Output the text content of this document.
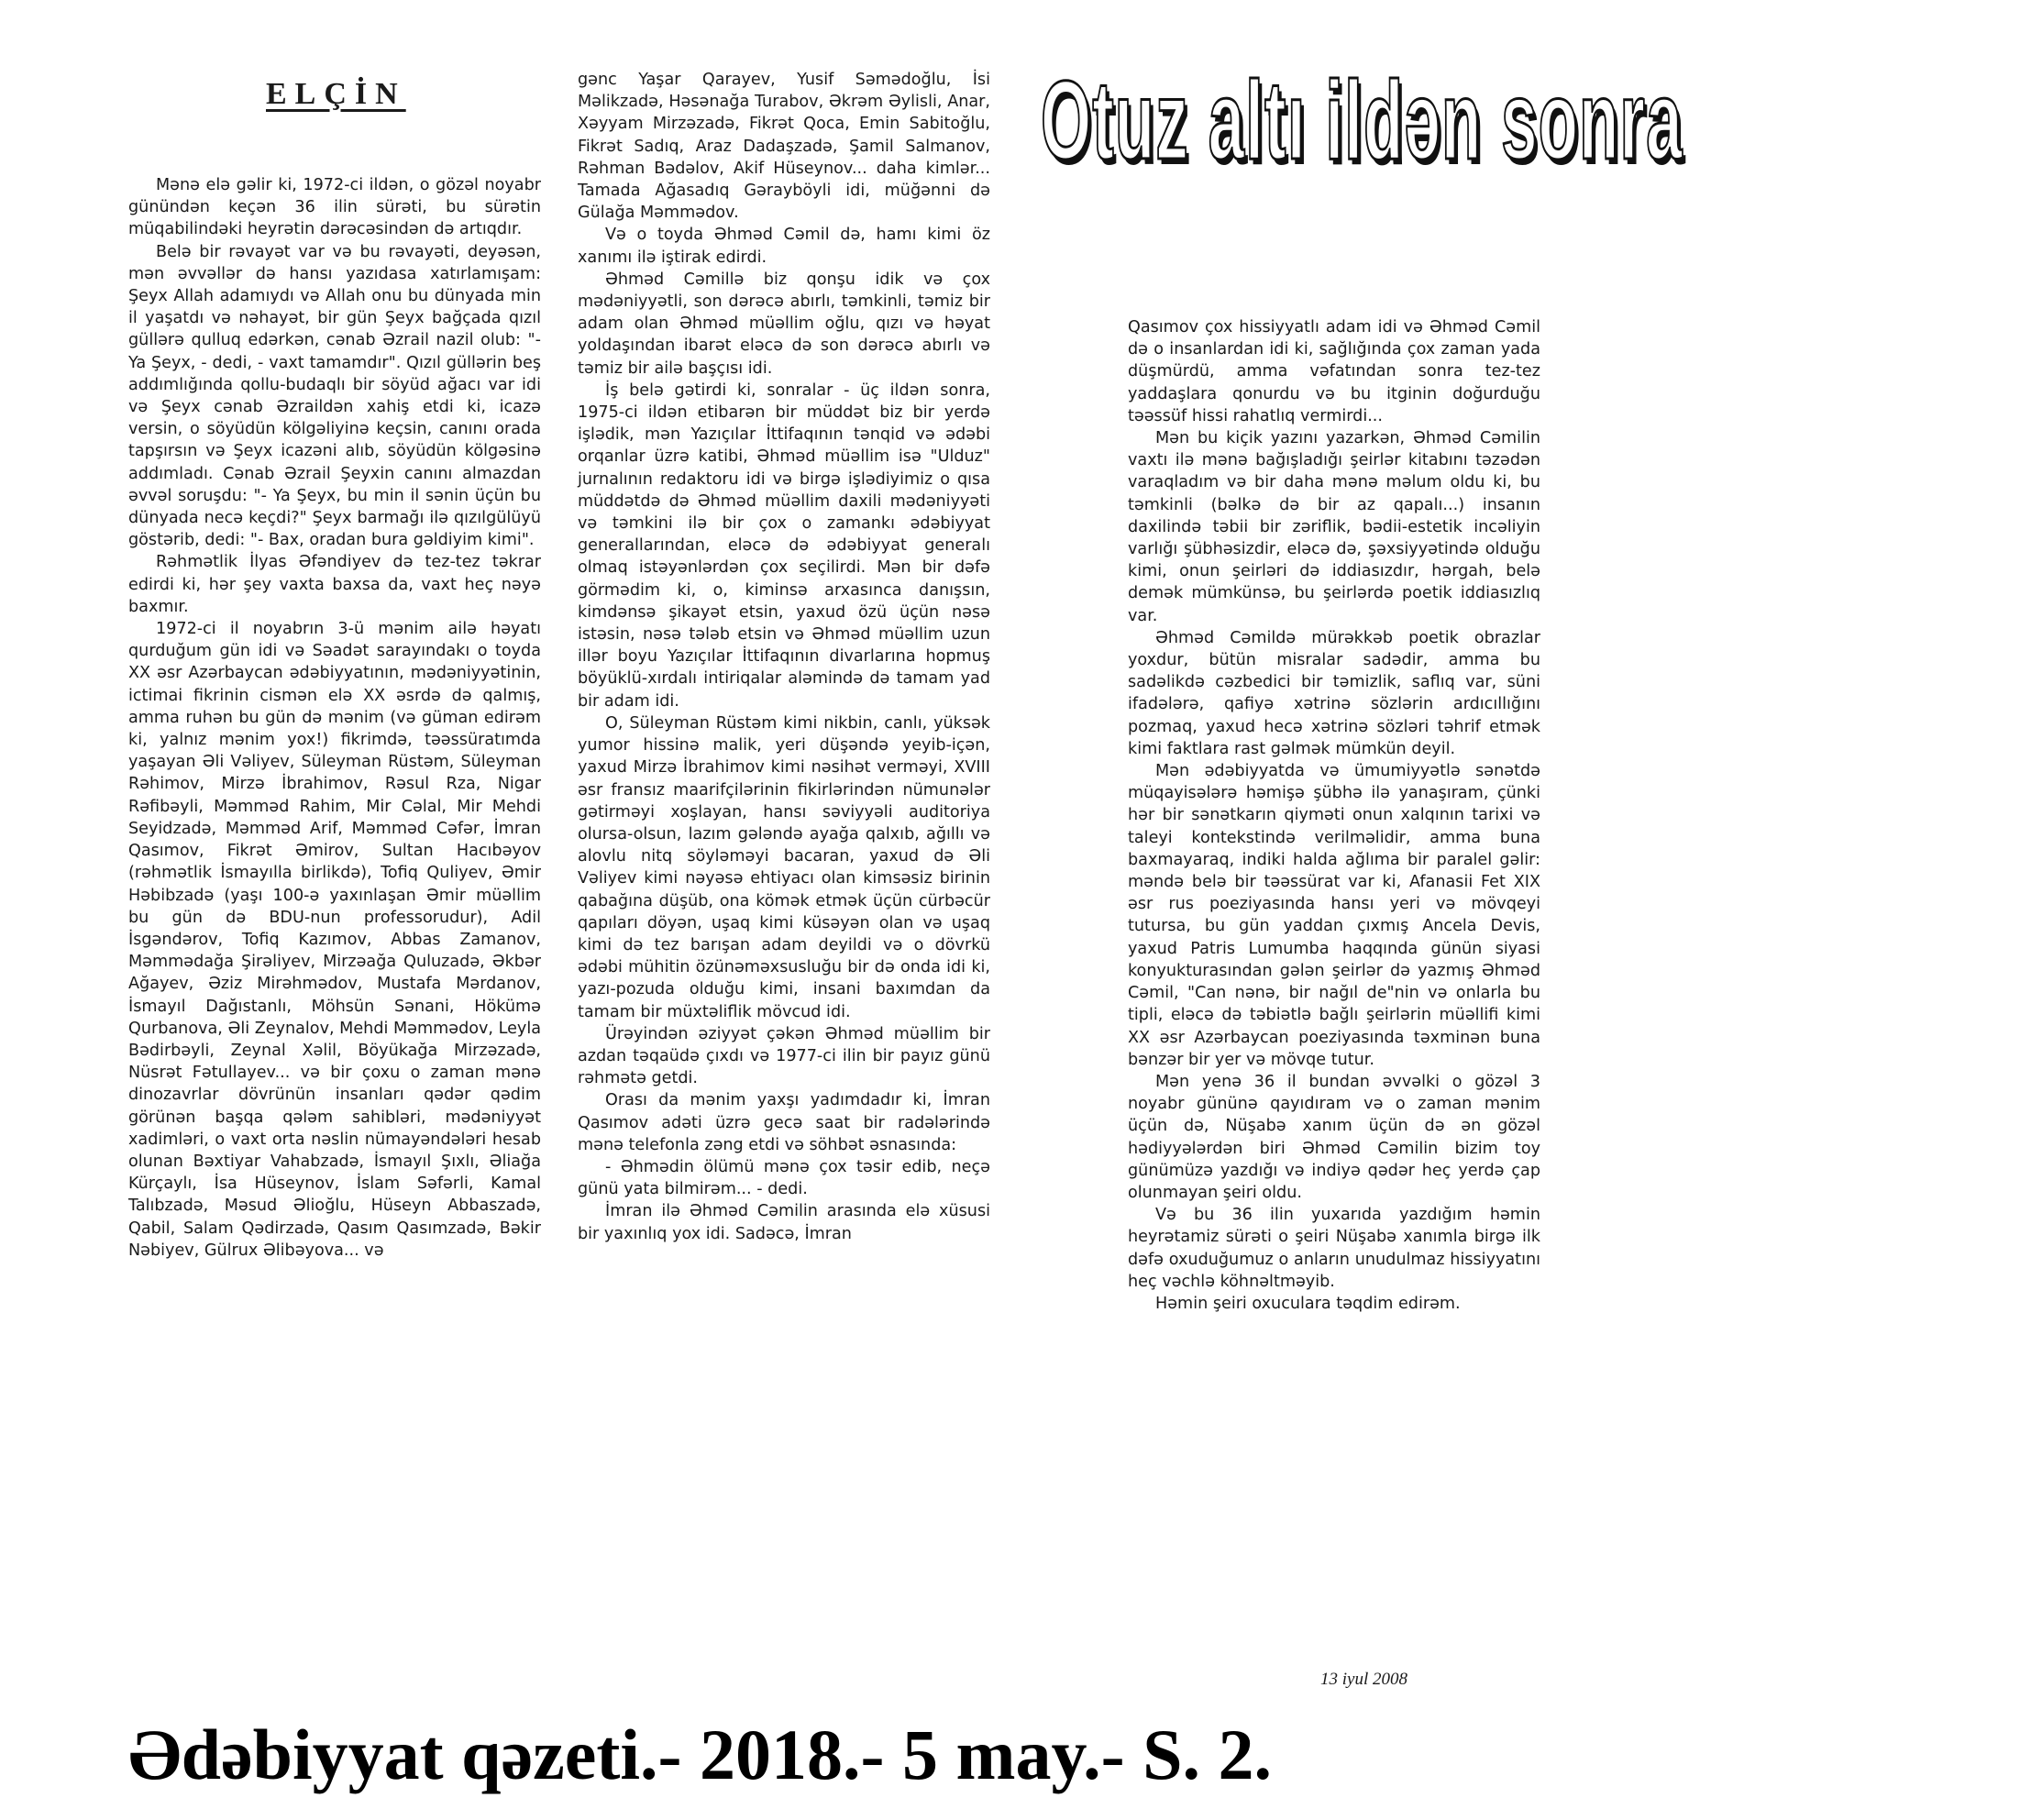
ELÇİN	Otuz altı ildən sonra

Mənə elə gəlir ki, 1972-ci ildən, o gözəl noyabr günündən keçən 36 ilin sürəti, bu sürətin müqabilindəki heyrətin dərəcəsindən də artıqdır.

Belə bir rəvayət var və bu rəvayəti, deyəsən, mən əvvəllər də hansı yazıdasa xatırlamışam: Şeyx Allah adamıydı və Allah onu bu dünyada min il yaşatdı və nəhayət, bir gün Şeyx bağçada qızıl güllərə qulluq edərkən, cənab Əzrail nazil olub: "- Ya Şeyx, - dedi, - vaxt tamamdır". Qızıl güllərin beş addımlığında qollu-budaqlı bir söyüd ağacı var idi və Şeyx cənab Əzraildən xahiş etdi ki, icazə versin, o söyüdün kölgəliyinə keçsin, canını orada tapşırsın və Şeyx icazəni alıb, söyüdün kölgəsinə addımladı. Cənab Əzrail Şeyxin canını almazdan əvvəl soruşdu: "- Ya Şeyx, bu min il sənin üçün bu dünyada necə keçdi?" Şeyx barmağı ilə qızılgülüyü göstərib, dedi: "- Bax, oradan bura gəldiyim kimi".

Rəhmətlik İlyas Əfəndiyev də tez-tez təkrar edirdi ki, hər şey vaxta baxsa da, vaxt heç nəyə baxmır.

1972-ci il noyabrın 3-ü mənim ailə həyatı qurduğum gün idi və Səadət sarayındakı o toyda XX əsr Azərbaycan ədəbiyyatının, mədəniyyətinin, ictimai fikrinin cismən elə XX əsrdə də qalmış, amma ruhən bu gün də mənim (və güman edirəm ki, yalnız mənim yox!) fikrimdə, təəssüratımda yaşayan Əli Vəliyev, Süleyman Rüstəm, Süleyman Rəhimov, Mirzə İbrahimov, Rəsul Rza, Nigar Rəfibəyli, Məmməd Rahim, Mir Cəlal, Mir Mehdi Seyidzadə, Məmməd Arif, Məmməd Cəfər, İmran Qasımov, Fikrət Əmirov, Sultan Hacıbəyov (rəhmətlik İsmayılla birlikdə), Tofiq Quliyev, Əmir Həbibzadə (yaşı 100-ə yaxınlaşan Əmir müəllim bu gün də BDU-nun professorudur), Adil İsgəndərov, Tofiq Kazımov, Abbas Zamanov, Məmmədağa Şirəliyev, Mirzəağa Quluzadə, Əkbər Ağayev, Əziz Mirəhmədov, Mustafa Mərdanov, İsmayıl Dağıstanlı, Möhsün Sənani, Hökümə Qurbanova, Əli Zeynalov, Mehdi Məmmədov, Leyla Bədirbəyli, Zeynal Xəlil, Böyükağa Mirzəzadə, Nüsrət Fətullayev... və bir çoxu o zaman mənə dinozavrlar dövrünün insanları qədər qədim görünən başqa qələm sahibləri, mədəniyyət xadimləri, o vaxt orta nəslin nümayəndələri hesab olunan Bəxtiyar Vahabzadə, İsmayıl Şıxlı, Əliağa Kürçaylı, İsa Hüseynov, İslam Səfərli, Kamal Talıbzadə, Məsud Əlioğlu, Hüseyn Abbaszadə, Qabil, Salam Qədirzadə, Qasım Qasımzadə, Bəkir Nəbiyev, Gülrux Əlibəyova... və

gənc Yaşar Qarayev, Yusif Səmədoğlu, İsi Məlikzadə, Həsənağa Turabov, Əkrəm Əylisli, Anar, Xəyyam Mirzəzadə, Fikrət Qoca, Emin Sabitoğlu, Fikrət Sadıq, Araz Dadaşzadə, Şamil Salmanov, Rəhman Bədəlov, Akif Hüseynov... daha kimlər... Tamada Ağasadıq Gərayböyli idi, müğənni də Gülağa Məmmədov.

Və o toyda Əhməd Cəmil də, hamı kimi öz xanımı ilə iştirak edirdi.

Əhməd Cəmillə biz qonşu idik və çox mədəniyyətli, son dərəcə abırlı, təmkinli, təmiz bir adam olan Əhməd müəllim oğlu, qızı və həyat yoldaşından ibarət eləcə də son dərəcə abırlı və təmiz bir ailə başçısı idi.

İş belə gətirdi ki, sonralar - üç ildən sonra, 1975-ci ildən etibarən bir müddət biz bir yerdə işlədik, mən Yazıçılar İttifaqının tənqid və ədəbi orqanlar üzrə katibi, Əhməd müəllim isə "Ulduz" jurnalının redaktoru idi və birgə işlədiyimiz o qısa müddətdə də Əhməd müəllim daxili mədəniyyəti və təmkini ilə bir çox o zamankı ədəbiyyat generallarından, eləcə də ədəbiyyat generalı olmaq istəyənlərdən çox seçilirdi. Mən bir dəfə görmədim ki, o, kiminsə arxasınca danışsın, kimdənsə şikayət etsin, yaxud özü üçün nəsə istəsin, nəsə tələb etsin və Əhməd müəllim uzun illər boyu Yazıçılar İttifaqının divarlarına hopmuş böyüklü-xırdalı intiriqalar aləmində də tamam yad bir adam idi.

O, Süleyman Rüstəm kimi nikbin, canlı, yüksək yumor hissinə malik, yeri düşəndə yeyib-içən, yaxud Mirzə İbrahimov kimi nəsihət verməyi, XVIII əsr fransız maarifçilərinin fikirlərindən nümunələr gətirməyi xoşlayan, hansı səviyyəli auditoriya olursa-olsun, lazım gələndə ayağa qalxıb, ağıllı və alovlu nitq söyləməyi bacaran, yaxud də Əli Vəliyev kimi nəyəsə ehtiyacı olan kimsəsiz birinin qabağına düşüb, ona kömək etmək üçün cürbəcür qapıları döyən, uşaq kimi küsəyən olan və uşaq kimi də tez barışan adam deyildi və o dövrkü ədəbi mühitin özünəməxsusluğu bir də onda idi ki, yazı-pozuda olduğu kimi, insani baxımdan da tamam bir müxtəliflik mövcud idi.

Ürəyindən əziyyət çəkən Əhməd müəllim bir azdan təqaüdə çıxdı və 1977-ci ilin bir payız günü rəhmətə getdi.

Orası da mənim yaxşı yadımdadır ki, İmran Qasımov adəti üzrə gecə saat bir radələrində mənə telefonla zəng etdi və söhbət əsnasında:

- Əhmədin ölümü mənə çox təsir edib, neçə günü yata bilmirəm... - dedi.

İmran ilə Əhməd Cəmilin arasında elə xüsusi bir yaxınlıq yox idi. Sadəcə, İmran

Qasımov çox hissiyyatlı adam idi və Əhməd Cəmil də o insanlardan idi ki, sağlığında çox zaman yada düşmürdü, amma vəfatından sonra tez-tez yaddaşlara qonurdu və bu itginin doğurduğu təəssüf hissi rahatlıq vermirdi...

Mən bu kiçik yazını yazarkən, Əhməd Cəmilin vaxtı ilə mənə bağışladığı şeirlər kitabını təzədən varaqladım və bir daha mənə məlum oldu ki, bu təmkinli (bəlkə də bir az qapalı...) insanın daxilində təbii bir zəriflik, bədii-estetik incəliyin varlığı şübhəsizdir, eləcə də, şəxsiyyətində olduğu kimi, onun şeirləri də iddiasızdır, hərgah, belə demək mümkünsə, bu şeirlərdə poetik iddiasızlıq var.

Əhməd Cəmildə mürəkkəb poetik obrazlar yoxdur, bütün misralar sadədir, amma bu sadəlikdə cəzbedici bir təmizlik, saflıq var, süni ifadələrə, qafiyə xətrinə sözlərin ardıcıllığını pozmaq, yaxud hecə xətrinə sözləri təhrif etmək kimi faktlara rast gəlmək mümkün deyil.

Mən ədəbiyyatda və ümumiyyətlə sənətdə müqayisələrə həmişə şübhə ilə yanaşıram, çünki hər bir sənətkarın qiyməti onun xalqının tarixi və taleyi kontekstində verilməlidir, amma buna baxmayaraq, indiki halda ağlıma bir paralel gəlir: məndə belə bir təəssürat var ki, Afanasii Fet XIX əsr rus poeziyasında hansı yeri və mövqeyi tutursa, bu gün yaddan çıxmış Ancela Devis, yaxud Patris Lumumba haqqında günün siyasi konyukturasından gələn şeirlər də yazmış Əhməd Cəmil, "Can nənə, bir nağıl de"nin və onlarla bu tipli, eləcə də təbiətlə bağlı şeirlərin müəllifi kimi XX əsr Azərbaycan poeziyasında təxminən buna bənzər bir yer və mövqe tutur.

Mən yenə 36 il bundan əvvəlki o gözəl 3 noyabr gününə qayıdıram və o zaman mənim üçün də, Nüşabə xanım üçün də ən gözəl hədiyyələrdən biri Əhməd Cəmilin bizim toy günümüzə yazdığı və indiyə qədər heç yerdə çap olunmayan şeiri oldu.

Və bu 36 ilin yuxarıda yazdığım həmin heyrətamiz sürəti o şeiri Nüşabə xanımla birgə ilk dəfə oxuduğumuz o anların unudulmaz hissiyyatını heç vəchlə köhnəltməyib.

Həmin şeiri oxuculara təqdim edirəm.

13 iyul 2008
Ədəbiyyat qəzeti.- 2018.- 5 may.- S. 2.
